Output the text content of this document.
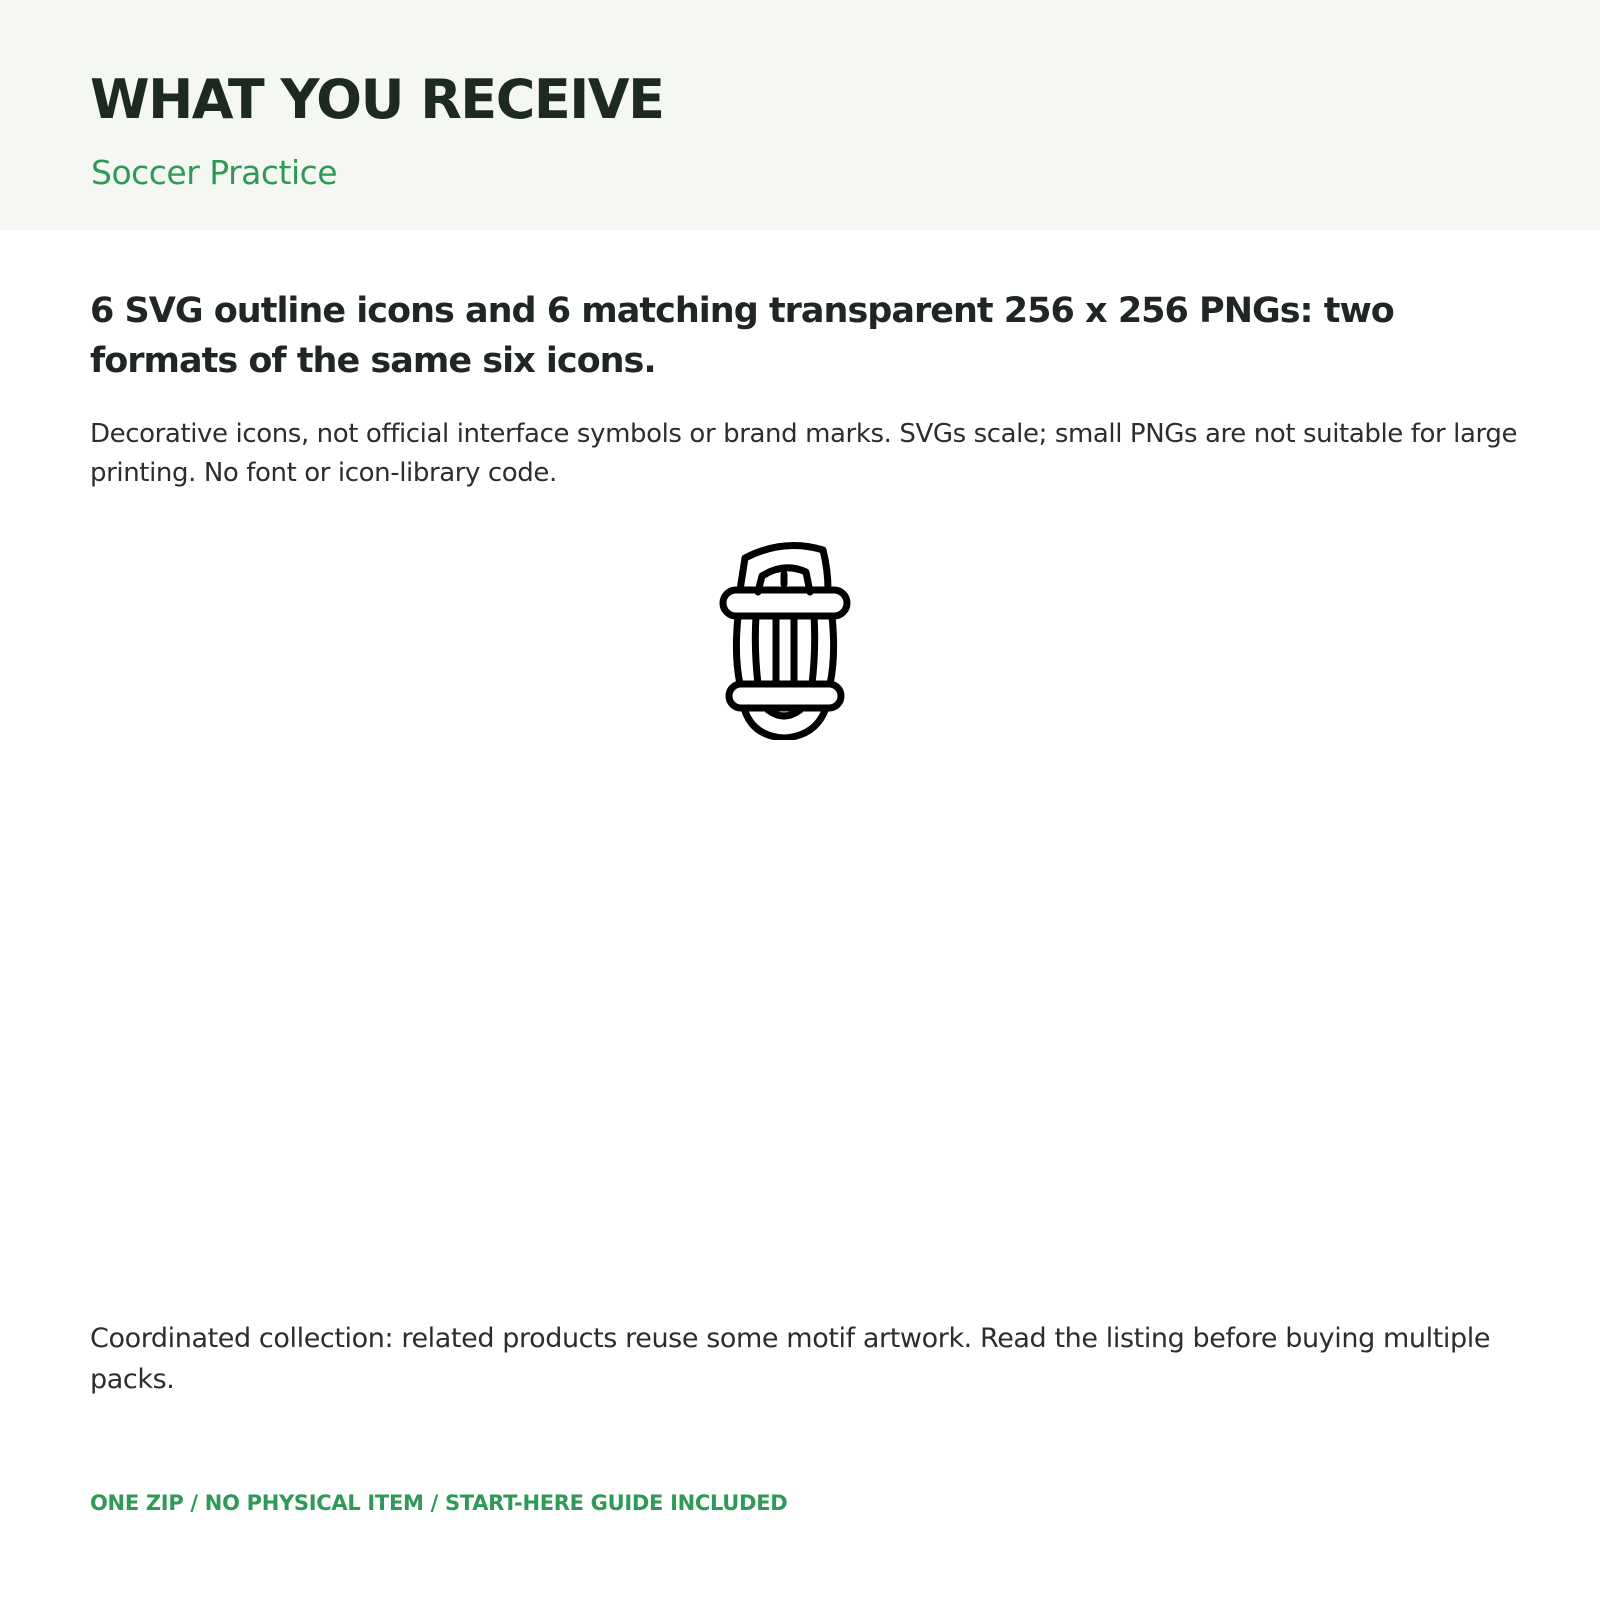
WHAT YOU RECEIVE

Soccer Practice

6 SVG outline icons and 6 matching transparent 256 x 256 PNGs: two formats of the same six icons.

Decorative icons, not official interface symbols or brand marks. SVGs scale; small PNGs are not suitable for large printing. No font or icon-library code.

Coordinated collection: related products reuse some motif artwork. Read the listing before buying multiple packs.

ONE ZIP / NO PHYSICAL ITEM / START-HERE GUIDE INCLUDED
